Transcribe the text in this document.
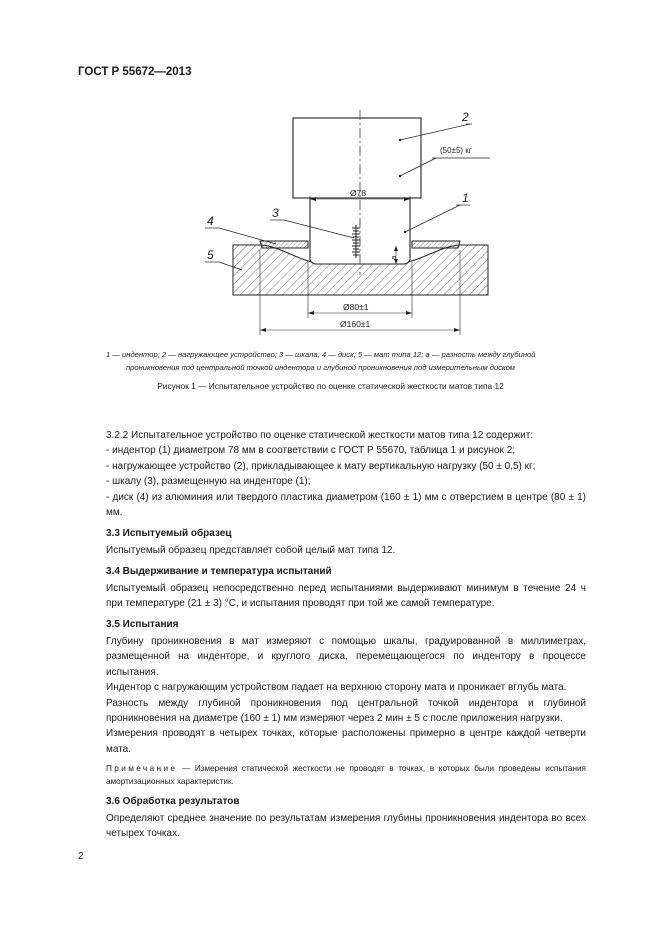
ГОСТ Р 55672—2013
2
(50±5) кг
Ø78	1
3
4
5	a
Ø80±1
Ø160±1
1 — индентор; 2 — нагружающее устройство; 3 — шкала; 4 — диск; 5 — мат типа 12; а — разность между глубиной
проникновения под центральной точкой индентора и глубиной проникновения под измерительным диском
Рисунок 1 — Испытательное устройство по оценке статической жесткости матов типа 12

3.2.2 Испытательное устройство по оценке статической жесткости матов типа 12 содержит:

- индентор (1) диаметром 78 мм в соответствии с ГОСТ Р 55670, таблица 1 и рисунок 2;

- нагружающее устройство (2), прикладывающее к мату вертикальную нагрузку (50 ± 0,5) кг;

- шкалу (3), размещенную на инденторе (1);

- диск (4) из алюминия или твердого пластика диаметром (160 ± 1) мм с отверстием в центре (80 ± 1) мм.

3.3 Испытуемый образец

Испытуемый образец представляет собой целый мат типа 12.

3.4 Выдерживание и температура испытаний

Испытуемый образец непосредственно перед испытаниями выдерживают минимум в течение 24 ч при температуре (21 ± 3) °С, и испытания проводят при той же самой температуре.

3.5 Испытания

Глубину проникновения в мат измеряют с помощью шкалы, градуированной в миллиметрах, размещенной на инденторе, и круглого диска, перемещающегося по индентору в процессе испытания.

Индентор с нагружающим устройством падает на верхнюю сторону мата и проникает вглубь мата.

Разность между глубиной проникновения под центральной точкой индентора и глубиной проникновения на диаметре (160 ± 1) мм измеряют через 2 мин ± 5 с после приложения нагрузки.

Измерения проводят в четырех точках, которые расположены примерно в центре каждой четверти мата.

Примечание — Измерения статической жесткости не проводят в точках, в которых были проведены испытания амортизационных характеристик.

3.6 Обработка результатов

Определяют среднее значение по результатам измерения глубины проникновения индентора во всех четырех точках.

2
